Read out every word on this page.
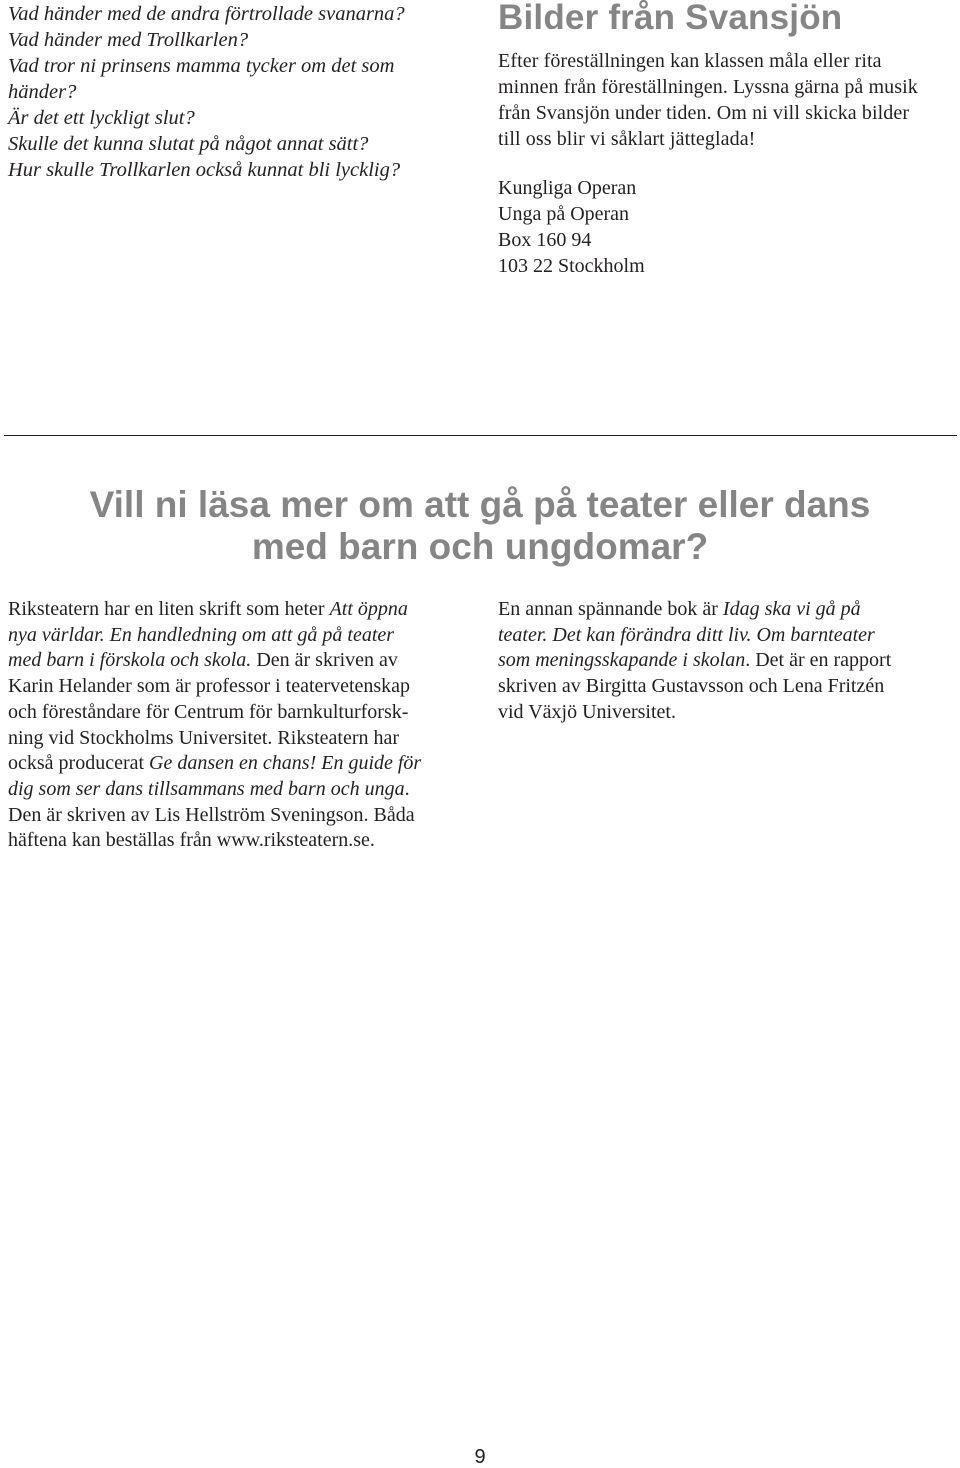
Vad händer med de andra förtrollade svanarna?
Vad händer med Trollkarlen?
Vad tror ni prinsens mamma tycker om det som
händer?
Är det ett lyckligt slut?
Skulle det kunna slutat på något annat sätt?
Hur skulle Trollkarlen också kunnat bli lycklig?
Bilder från Svansjön

Efter föreställningen kan klassen måla eller rita
minnen från föreställningen. Lyssna gärna på musik
från Svansjön under tiden. Om ni vill skicka bilder
till oss blir vi såklart jätteglada!

Kungliga Operan
Unga på Operan
Box 160 94
103 22 Stockholm

Vill ni läsa mer om att gå på teater eller dans
med barn och ungdomar?

Riksteatern har en liten skrift som heter Att öppna
nya världar. En handledning om att gå på teater
med barn i förskola och skola. Den är skriven av
Karin Helander som är professor i teatervetenskap
och föreståndare för Centrum för barnkulturforsk-
ning vid Stockholms Universitet. Riksteatern har
också producerat Ge dansen en chans! En guide för
dig som ser dans tillsammans med barn och unga.
Den är skriven av Lis Hellström Sveningson. Båda
häftena kan beställas från www.riksteatern.se.

En annan spännande bok är Idag ska vi gå på
teater. Det kan förändra ditt liv. Om barnteater
som meningsskapande i skolan. Det är en rapport
skriven av Birgitta Gustavsson och Lena Fritzén
vid Växjö Universitet.

9
